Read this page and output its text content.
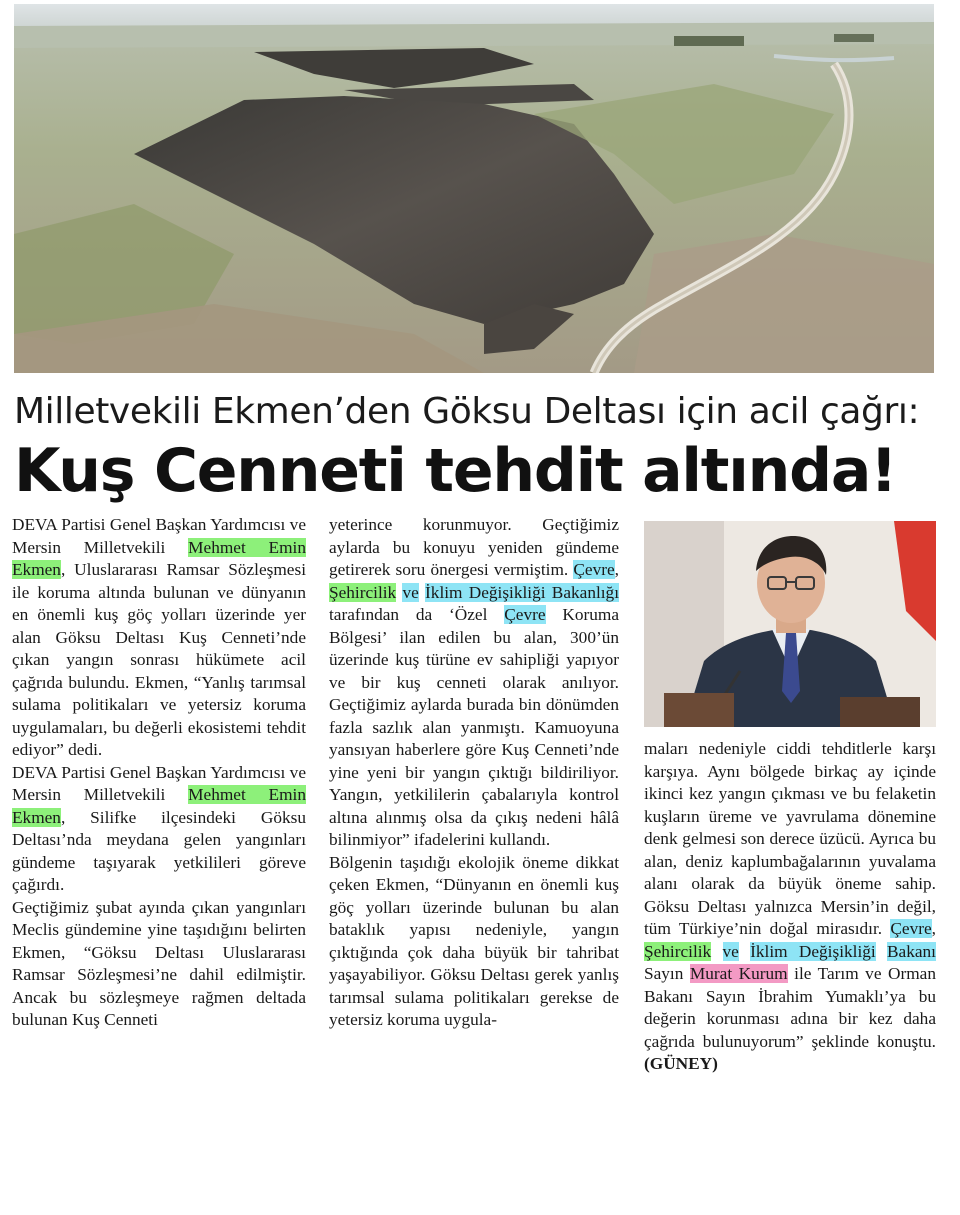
Milletvekili Ekmen’den Göksu Deltası için acil çağrı:
Kuş Cenneti tehdit altında!

DEVA Partisi Genel Başkan Yardımcısı ve Mersin Milletvekili Mehmet Emin Ekmen, Uluslararası Ramsar Sözleşmesi ile koruma altında bulunan ve dünyanın en önemli kuş göç yolları üzerinde yer alan Göksu Deltası Kuş Cenneti’nde çıkan yangın sonrası hükümete acil çağrıda bulundu. Ekmen, “Yanlış tarımsal sulama politikaları ve yetersiz koruma uygulamaları, bu değerli ekosistemi tehdit ediyor” dedi.

DEVA Partisi Genel Başkan Yardımcısı ve Mersin Milletvekili Mehmet Emin Ekmen, Silifke ilçesindeki Göksu Deltası’nda meydana gelen yangınları gündeme taşıyarak yetkilileri göreve çağırdı.

Geçtiğimiz şubat ayında çıkan yangınları Meclis gündemine yine taşıdığını belirten Ekmen, “Göksu Deltası Uluslararası Ramsar Sözleşmesi’ne dahil edilmiştir. Ancak bu sözleşmeye rağmen deltada bulunan Kuş Cenneti

yeterince korunmuyor. Geçtiğimiz aylarda bu konuyu yeniden gündeme getirerek soru önergesi vermiştim. Çevre, Şehircilik ve İklim Değişikliği Bakanlığı tarafından da ‘Özel Çevre Koruma Bölgesi’ ilan edilen bu alan, 300’ün üzerinde kuş türüne ev sahipliği yapıyor ve bir kuş cenneti olarak anılıyor. Geçtiğimiz aylarda burada bin dönümden fazla sazlık alan yanmıştı. Kamuoyuna yansıyan haberlere göre Kuş Cenneti’nde yine yeni bir yangın çıktığı bildiriliyor. Yangın, yetkililerin çabalarıyla kontrol altına alınmış olsa da çıkış nedeni hâlâ bilinmiyor” ifadelerini kullandı.

Bölgenin taşıdığı ekolojik öneme dikkat çeken Ekmen, “Dünyanın en önemli kuş göç yolları üzerinde bulunan bu alan bataklık yapısı nedeniyle, yangın çıktığında çok daha büyük bir tahribat yaşayabiliyor. Göksu Deltası gerek yanlış tarımsal sulama politikaları gerekse de yetersiz koruma uygula-

maları nedeniyle ciddi tehditlerle karşı karşıya. Aynı bölgede birkaç ay içinde ikinci kez yangın çıkması ve bu felaketin kuşların üreme ve yavrulama dönemine denk gelmesi son derece üzücü. Ayrıca bu alan, deniz kaplumbağalarının yuvalama alanı olarak da büyük öneme sahip. Göksu Deltası yalnızca Mersin’in değil, tüm Türkiye’nin doğal mirasıdır. Çevre, Şehircilik ve İklim Değişikliği Bakanı Sayın Murat Kurum ile Tarım ve Orman Bakanı Sayın İbrahim Yumaklı’ya bu değerin korunması adına bir kez daha çağrıda bulunuyorum” şeklinde konuştu. (GÜNEY)
